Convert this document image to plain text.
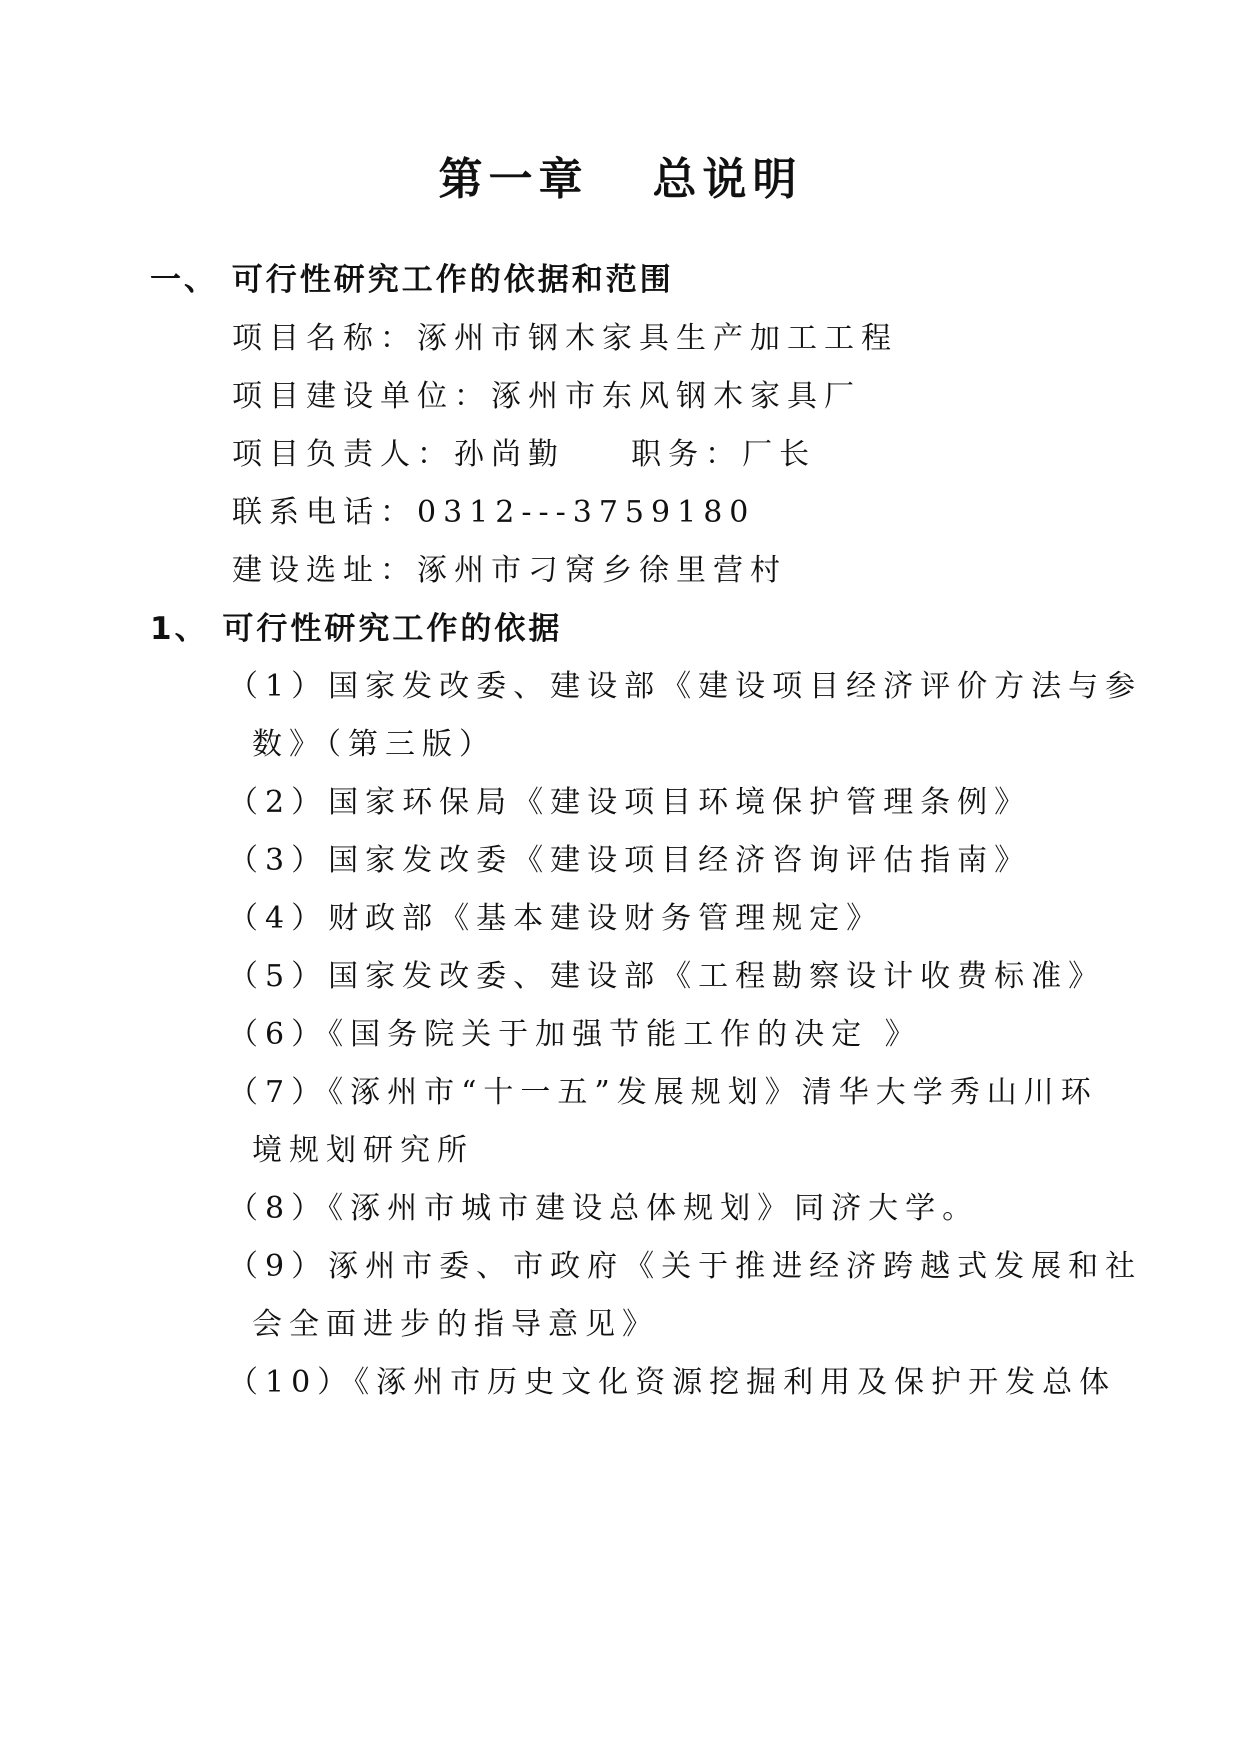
第一章   总说明
一、 可行性研究工作的依据和范围
项目名称：涿州市钢木家具生产加工工程
项目建设单位：涿州市东风钢木家具厂
项目负责人：孙尚勤    职务：厂长
联系电话：0312---3759180
建设选址：涿州市刁窝乡徐里营村
1、 可行性研究工作的依据
（1）国家发改委、建设部《建设项目经济评价方法与参
数》（第三版）
（2）国家环保局《建设项目环境保护管理条例》
（3）国家发改委《建设项目经济咨询评估指南》
（4）财政部《基本建设财务管理规定》
（5）国家发改委、建设部《工程勘察设计收费标准》
（6）《国务院关于加强节能工作的决定 》
（7）《涿州市“十一五”发展规划》清华大学秀山川环
境规划研究所
（8）《涿州市城市建设总体规划》同济大学。
（9）涿州市委、市政府《关于推进经济跨越式发展和社
会全面进步的指导意见》
（10）《涿州市历史文化资源挖掘利用及保护开发总体
